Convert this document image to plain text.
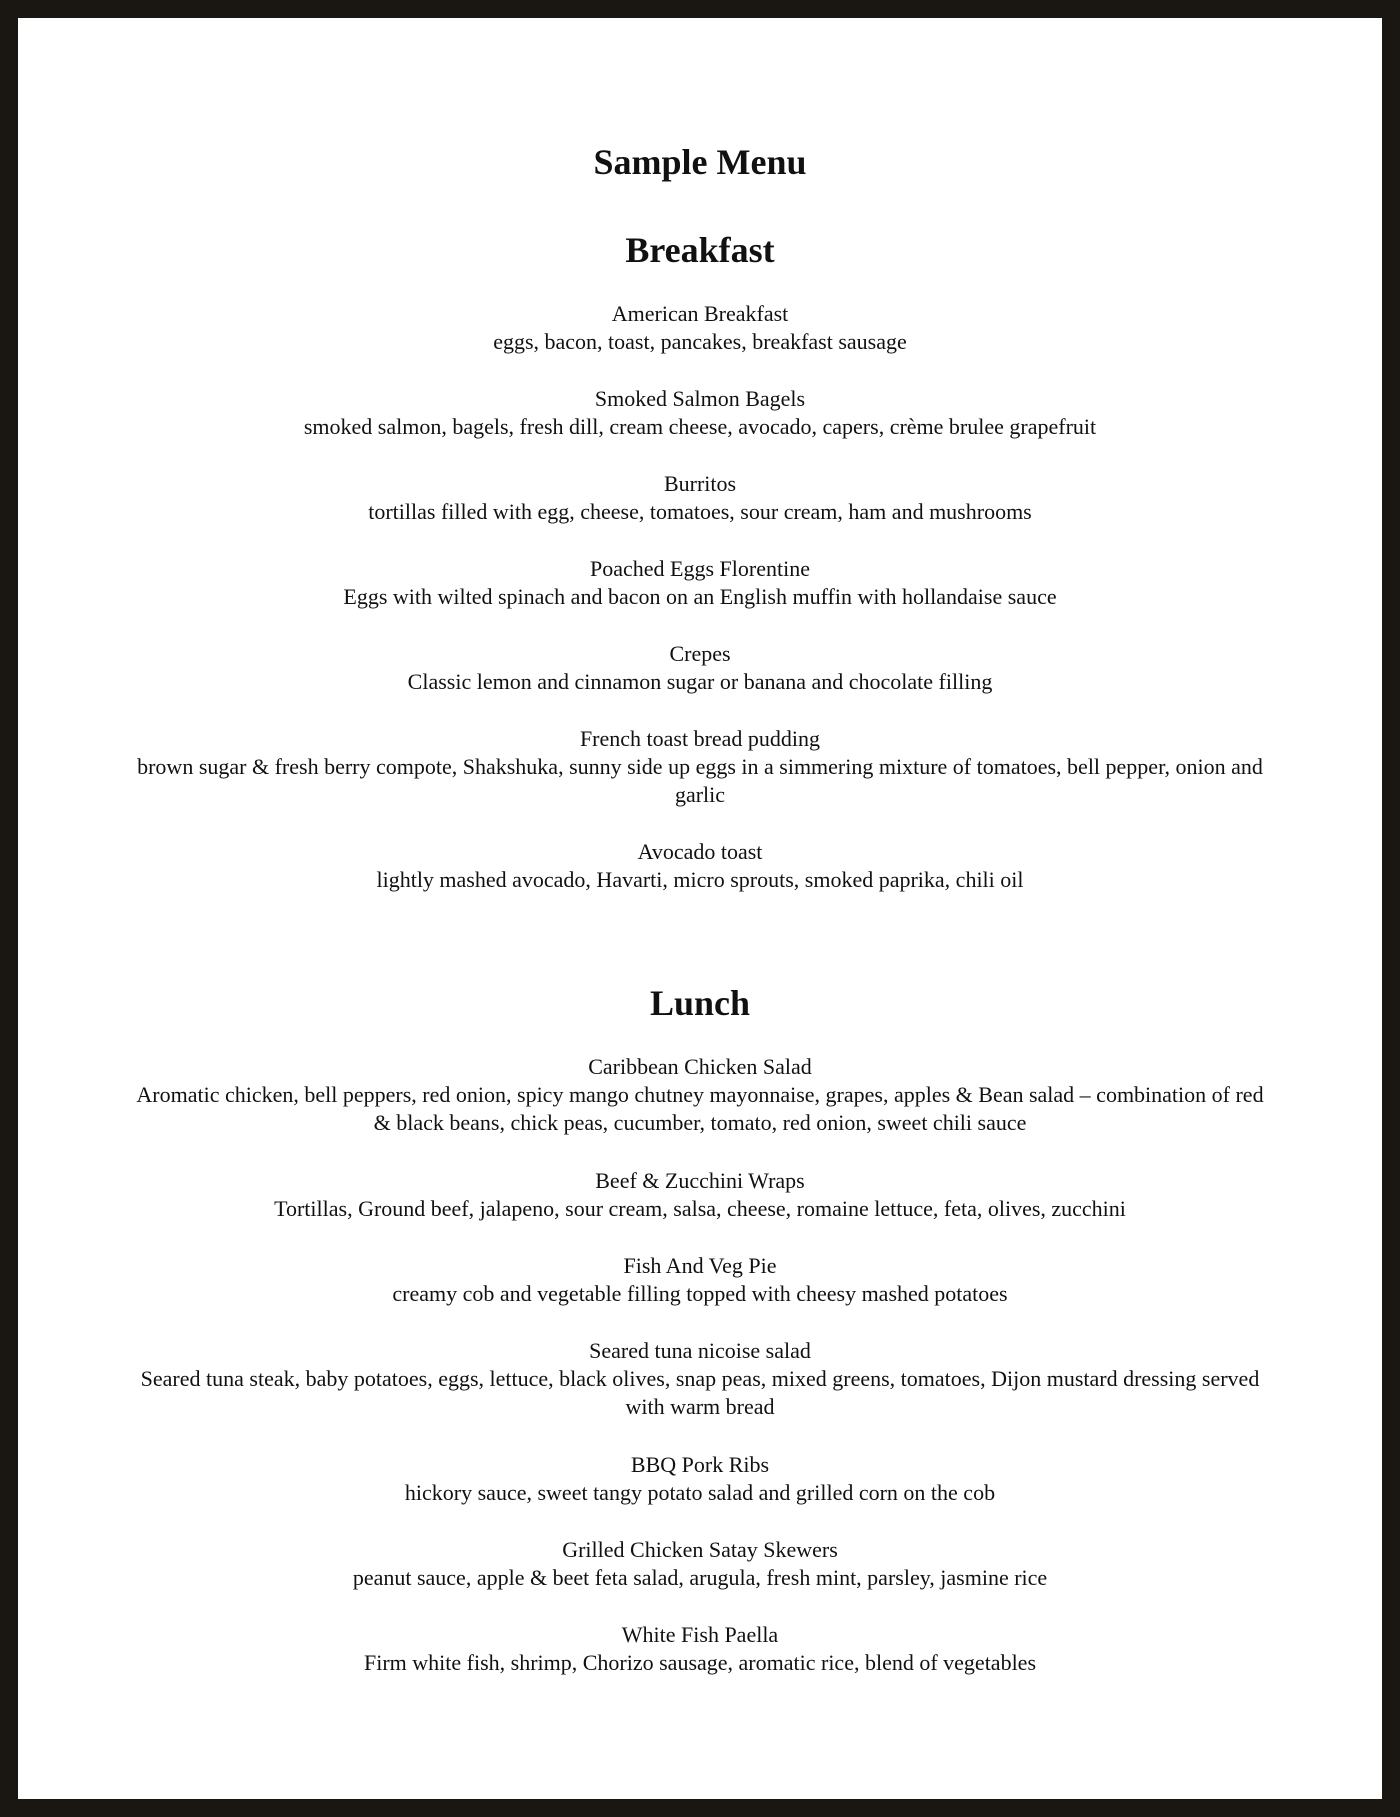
Sample Menu
Breakfast
American Breakfast
eggs, bacon, toast, pancakes, breakfast sausage
Smoked Salmon Bagels
smoked salmon, bagels, fresh dill, cream cheese, avocado, capers, crème brulee grapefruit
Burritos
tortillas filled with egg, cheese, tomatoes, sour cream, ham and mushrooms
Poached Eggs Florentine
Eggs with wilted spinach and bacon on an English muffin with hollandaise sauce
Crepes
Classic lemon and cinnamon sugar or banana and chocolate filling
French toast bread pudding
brown sugar & fresh berry compote, Shakshuka, sunny side up eggs in a simmering mixture of tomatoes, bell pepper, onion and garlic
Avocado toast
lightly mashed avocado, Havarti, micro sprouts, smoked paprika, chili oil
Lunch
Caribbean Chicken Salad
Aromatic chicken, bell peppers, red onion, spicy mango chutney mayonnaise, grapes, apples & Bean salad – combination of red & black beans, chick peas, cucumber, tomato, red onion, sweet chili sauce
Beef & Zucchini Wraps
Tortillas, Ground beef, jalapeno, sour cream, salsa, cheese, romaine lettuce, feta, olives, zucchini
Fish And Veg Pie
creamy cob and vegetable filling topped with cheesy mashed potatoes
Seared tuna nicoise salad
Seared tuna steak, baby potatoes, eggs, lettuce, black olives, snap peas, mixed greens, tomatoes, Dijon mustard dressing served with warm bread
BBQ Pork Ribs
hickory sauce, sweet tangy potato salad and grilled corn on the cob
Grilled Chicken Satay Skewers
peanut sauce, apple & beet feta salad, arugula, fresh mint, parsley, jasmine rice
White Fish Paella
Firm white fish, shrimp, Chorizo sausage, aromatic rice, blend of vegetables
